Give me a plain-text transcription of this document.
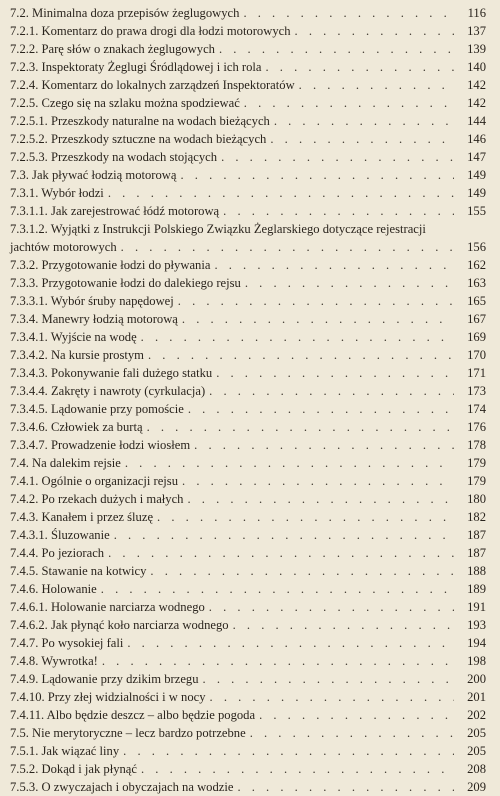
7.2. Minimalna doza przepisów żeglugowych . . .	116
7.2.1. Komentarz do prawa drogi dla łodzi motorowych . . .	137
7.2.2. Parę słów o znakach żeglugowych . . .	139
7.2.3. Inspektoraty Żeglugi Śródlądowej i ich rola . . .	140
7.2.4. Komentarz do lokalnych zarządzeń Inspektoratów . . .	142
7.2.5. Czego się na szlaku można spodziewać . . .	142
7.2.5.1. Przeszkody naturalne na wodach bieżących . . .	144
7.2.5.2. Przeszkody sztuczne na wodach bieżących . . .	146
7.2.5.3. Przeszkody na wodach stojących . . .	147
7.3. Jak pływać łodzią motorową . . .	149
7.3.1. Wybór łodzi . . .	149
7.3.1.1. Jak zarejestrować łódź motorową . . .	155
7.3.1.2. Wyjątki z Instrukcji Polskiego Związku Żeglarskiego dotyczące rejestracji
jachtów motorowych . . .	156
7.3.2. Przygotowanie łodzi do pływania . . .	162
7.3.3. Przygotowanie łodzi do dalekiego rejsu . . .	163
7.3.3.1. Wybór śruby napędowej . . .	165
7.3.4. Manewry łodzią motorową . . .	167
7.3.4.1. Wyjście na wodę . . .	169
7.3.4.2. Na kursie prostym . . .	170
7.3.4.3. Pokonywanie fali dużego statku . . .	171
7.3.4.4. Zakręty i nawroty (cyrkulacja) . . .	173
7.3.4.5. Lądowanie przy pomoście . . .	174
7.3.4.6. Człowiek za burtą . . .	176
7.3.4.7. Prowadzenie łodzi wiosłem . . .	178
7.4. Na dalekim rejsie . . .	179
7.4.1. Ogólnie o organizacji rejsu . . .	179
7.4.2. Po rzekach dużych i małych . . .	180
7.4.3. Kanałem i przez śluzę . . .	182
7.4.3.1. Śluzowanie . . .	187
7.4.4. Po jeziorach . . .	187
7.4.5. Stawanie na kotwicy . . .	188
7.4.6. Holowanie . . .	189
7.4.6.1. Holowanie narciarza wodnego . . .	191
7.4.6.2. Jak płynąć koło narciarza wodnego . . .	193
7.4.7. Po wysokiej fali . . .	194
7.4.8. Wywrotka! . . .	198
7.4.9. Lądowanie przy dzikim brzegu . . .	200
7.4.10. Przy złej widzialności i w nocy . . .	201
7.4.11. Albo będzie deszcz – albo będzie pogoda . . .	202
7.5. Nie merytoryczne – lecz bardzo potrzebne . . .	205
7.5.1. Jak wiązać liny . . .	205
7.5.2. Dokąd i jak płynąć . . .	208
7.5.3. O zwyczajach i obyczajach na wodzie . . .	209
